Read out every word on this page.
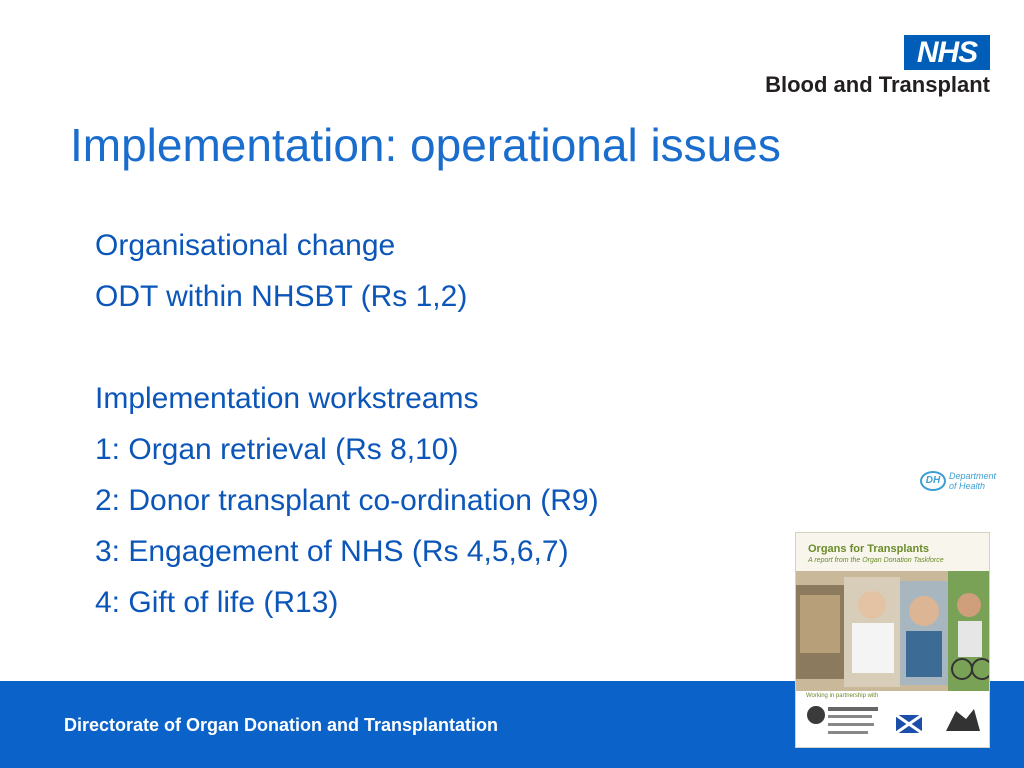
NHS
Blood and Transplant
Implementation: operational issues
Organisational change
ODT within NHSBT (Rs 1,2)
Implementation workstreams
1: Organ retrieval (Rs 8,10)
2: Donor transplant co-ordination (R9)
3: Engagement of NHS (Rs 4,5,6,7)
4: Gift of life (R13)
DH Department
of Health
Directorate of Organ Donation and Transplantation
Organs for Transplants
A report from the Organ Donation Taskforce
Working in partnership with
